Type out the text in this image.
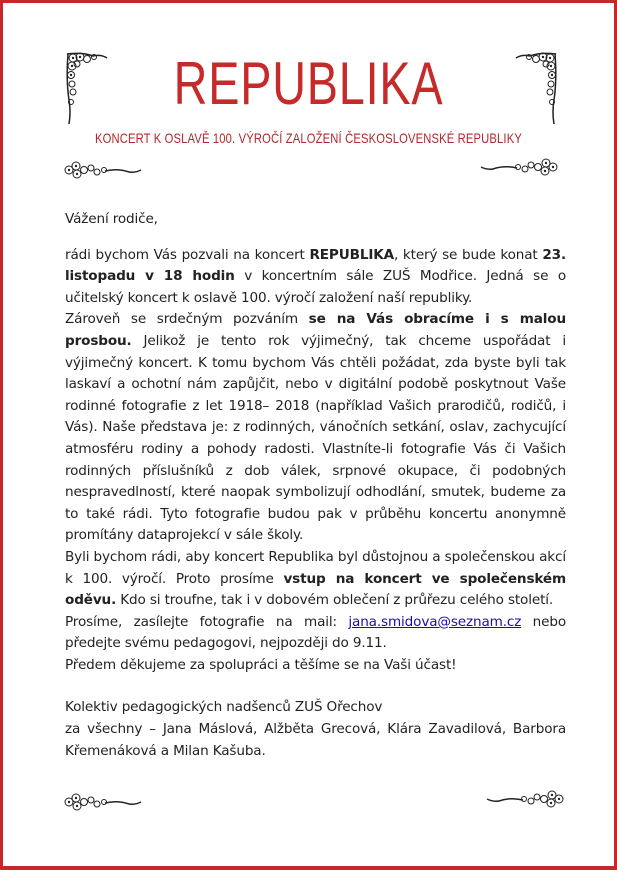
REPUBLIKA
KONCERT K OSLAVĚ 100. VÝROČÍ ZALOŽENÍ ČESKOSLOVENSKÉ REPUBLIKY

Vážení rodiče,

rádi bychom Vás pozvali na koncert REPUBLIKA, který se bude konat 23. listopadu v 18 hodin v koncertním sále ZUŠ Modřice. Jedná se o učitelský koncert k oslavě 100. výročí založení naší republiky.

Zároveň se srdečným pozváním se na Vás obracíme i s malou prosbou. Jelikož je tento rok výjimečný, tak chceme uspořádat i výjimečný koncert. K tomu bychom Vás chtěli požádat, zda byste byli tak laskaví a ochotní nám zapůjčit, nebo v digitální podobě poskytnout Vaše rodinné fotografie z let 1918– 2018 (například Vašich prarodičů, rodičů, i Vás). Naše představa je: z rodinných, vánočních setkání, oslav, zachycující atmosféru rodiny a pohody radosti. Vlastníte-li fotografie Vás či Vašich rodinných příslušníků z dob válek, srpnové okupace, či podobných nespravedlností, které naopak symbolizují odhodlání, smutek, budeme za to také rádi. Tyto fotografie budou pak v průběhu koncertu anonymně promítány dataprojekcí v sále školy.

Byli bychom rádi, aby koncert Republika byl důstojnou a společenskou akcí k 100. výročí. Proto prosíme vstup na koncert ve společenském oděvu. Kdo si troufne, tak i v dobovém oblečení z průřezu celého století.

Prosíme, zasílejte fotografie na mail: jana.smidova@seznam.cz nebo předejte svému pedagogovi, nejpozději do 9.11.

Předem děkujeme za spolupráci a těšíme se na Vaši účast!

Kolektiv pedagogických nadšenců ZUŠ Ořechov

za všechny – Jana Máslová, Alžběta Grecová, Klára Zavadilová, Barbora Křemenáková a Milan Kašuba.
